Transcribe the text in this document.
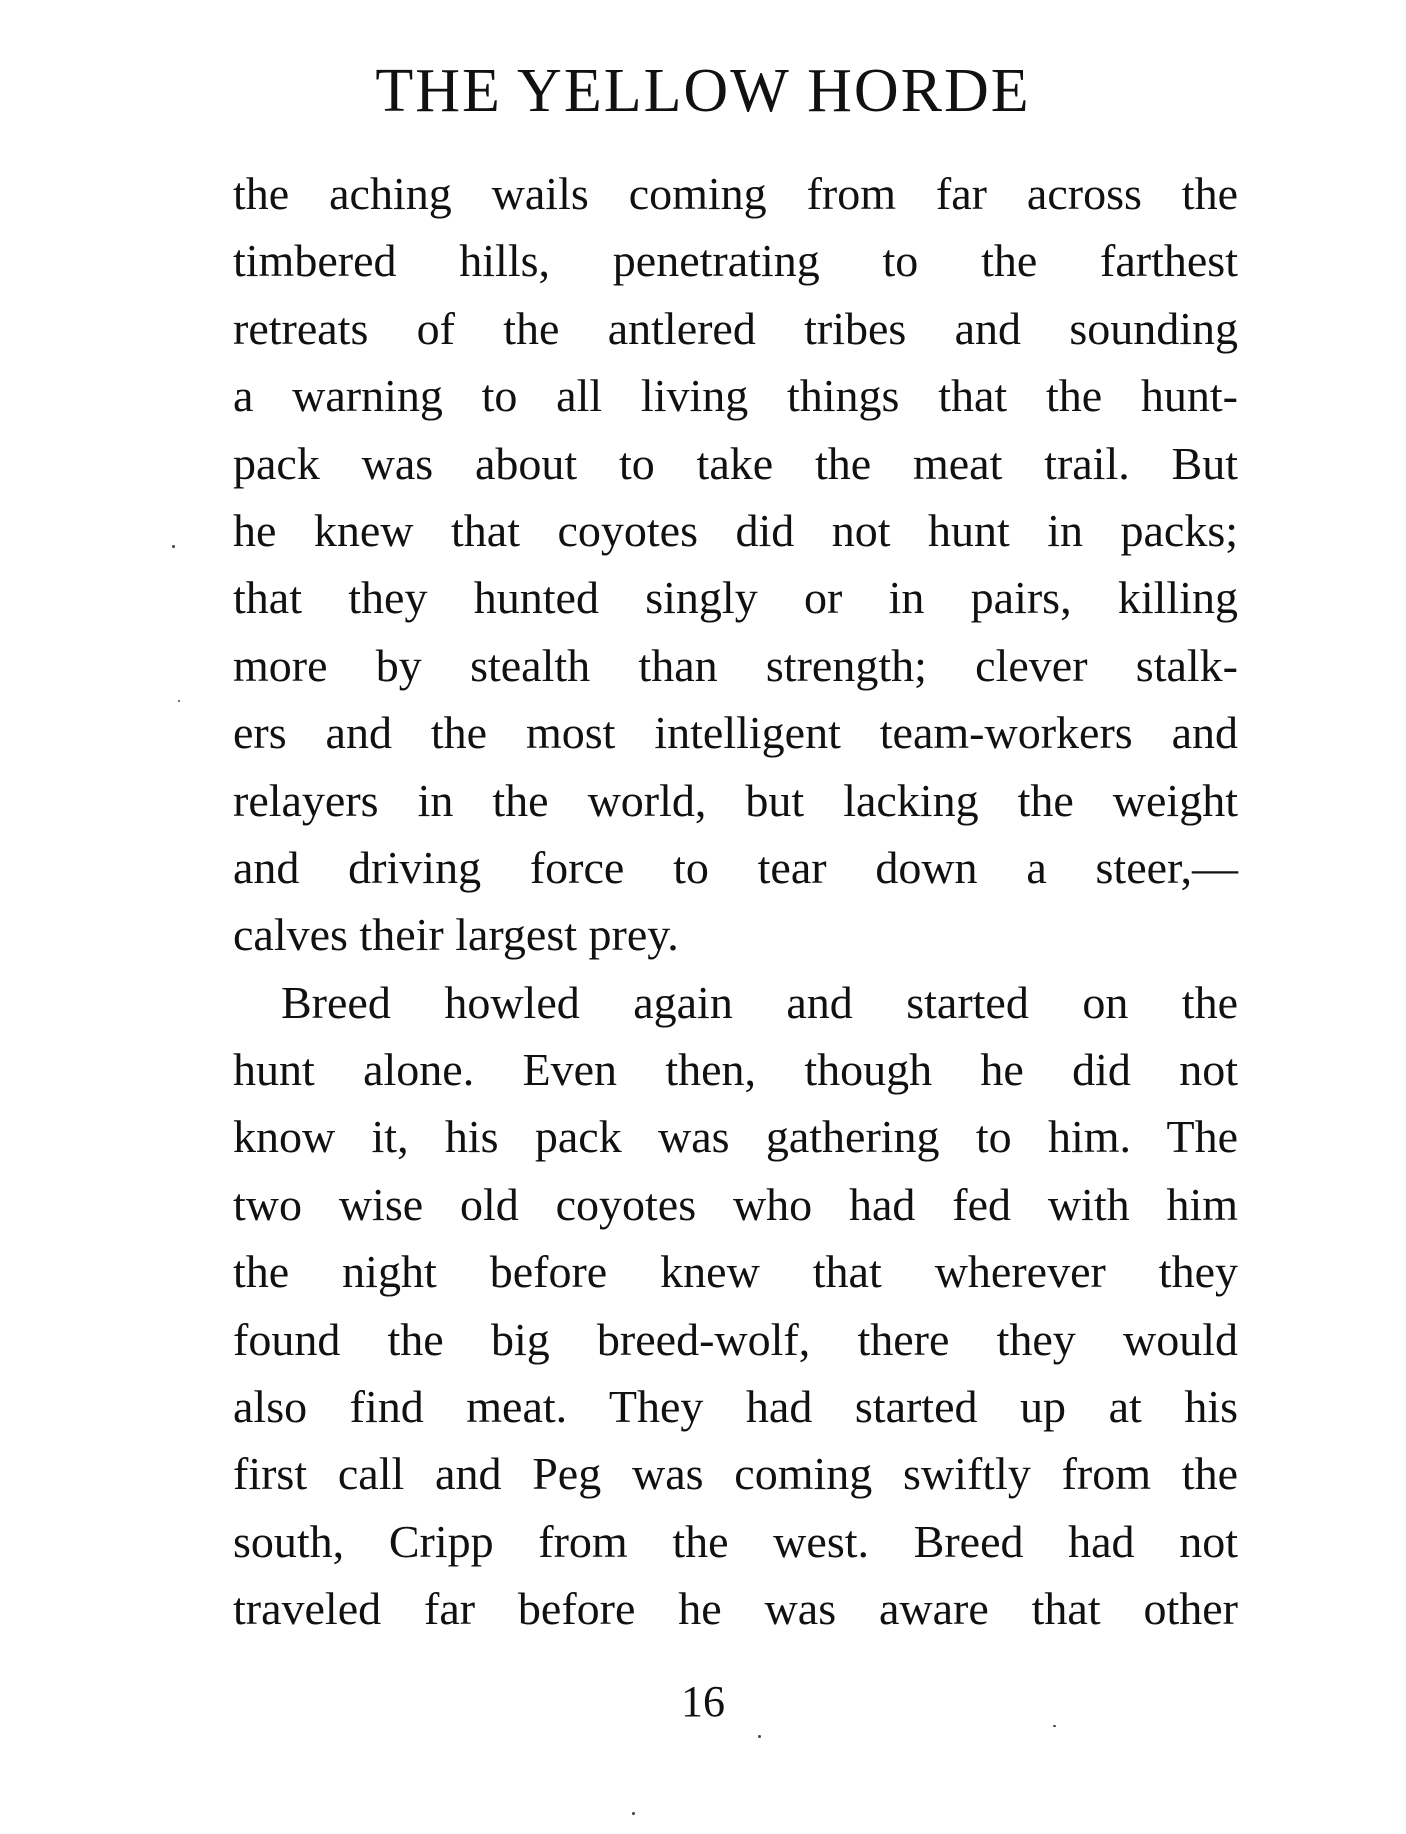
THE YELLOW HORDE
the aching wails coming from far across the
timbered hills, penetrating to the farthest
retreats of the antlered tribes and sounding
a warning to all living things that the hunt-
pack was about to take the meat trail. But
he knew that coyotes did not hunt in packs;
that they hunted singly or in pairs, killing
more by stealth than strength; clever stalk-
ers and the most intelligent team-workers and
relayers in the world, but lacking the weight
and driving force to tear down a steer,—
calves their largest prey.
Breed howled again and started on the
hunt alone. Even then, though he did not
know it, his pack was gathering to him. The
two wise old coyotes who had fed with him
the night before knew that wherever they
found the big breed-wolf, there they would
also find meat. They had started up at his
first call and Peg was coming swiftly from the
south, Cripp from the west. Breed had not
traveled far before he was aware that other
16
